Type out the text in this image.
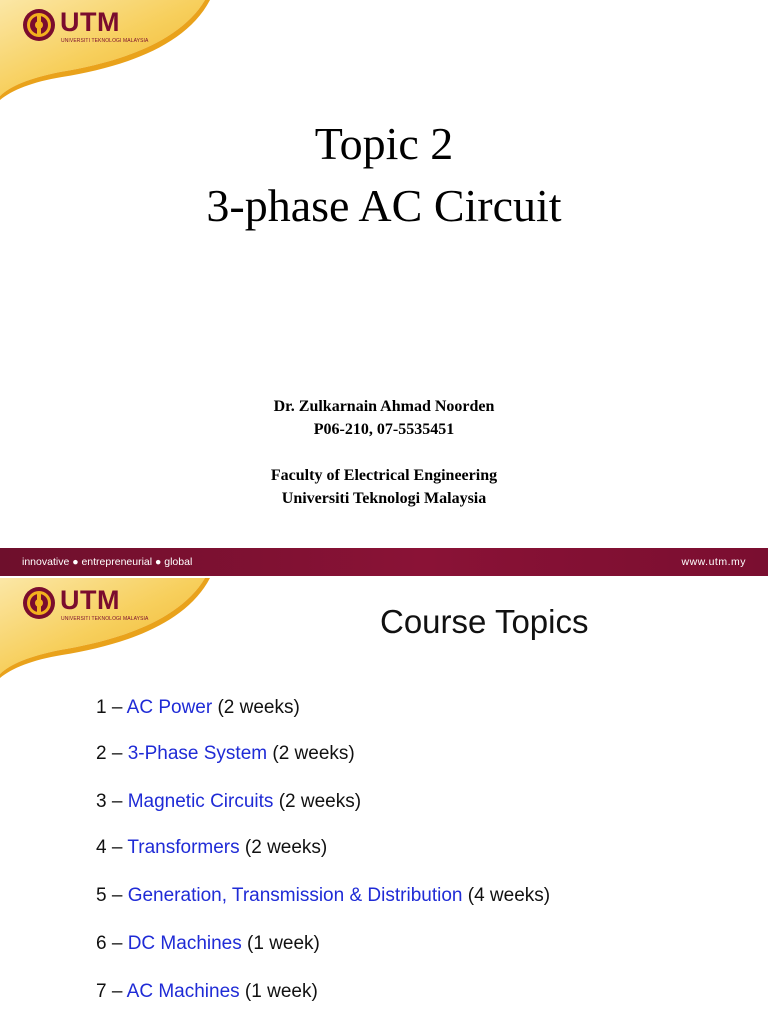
UTM
UNIVERSITI TEKNOLOGI MALAYSIA
Topic 2
3-phase AC Circuit
Dr. Zulkarnain Ahmad Noorden
P06-210, 07-5535451
Faculty of Electrical Engineering
Universiti Teknologi Malaysia
innovative ● entrepreneurial ● global	www.utm.my
UTM
UNIVERSITI TEKNOLOGI MALAYSIA	Course Topics
1 – AC Power (2 weeks)
2 – 3-Phase System (2 weeks)
3 – Magnetic Circuits (2 weeks)
4 – Transformers (2 weeks)
5 – Generation, Transmission & Distribution (4 weeks)
6 – DC Machines (1 week)
7 – AC Machines (1 week)
